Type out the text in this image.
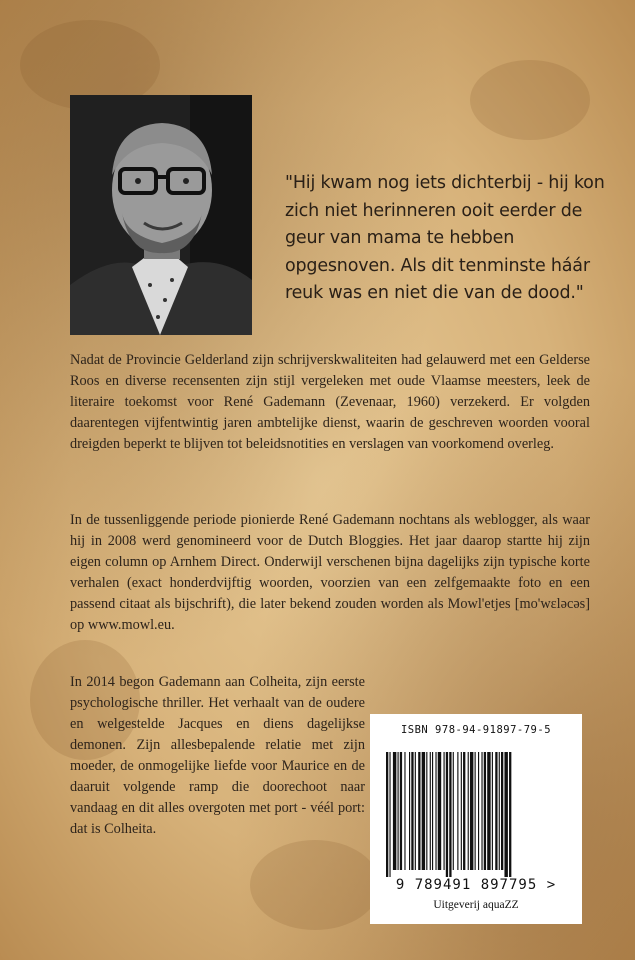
"Hij kwam nog iets dichterbij - hij kon zich niet herinneren ooit eerder de geur van mama te hebben opgesnoven. Als dit tenminste háár reuk was en niet die van de dood."

Nadat de Provincie Gelderland zijn schrijverskwaliteiten had gelauwerd met een Gelderse Roos en diverse recensenten zijn stijl vergeleken met oude Vlaamse meesters, leek de literaire toekomst voor René Gademann (Zevenaar, 1960) verzekerd. Er volgden daarentegen vijfentwintig jaren ambtelijke dienst, waarin de geschreven woorden vooral dreigden beperkt te blijven tot beleidsnotities en verslagen van voorkomend overleg.

In de tussenliggende periode pionierde René Gademann nochtans als weblogger, als waar hij in 2008 werd genomineerd voor de Dutch Bloggies. Het jaar daarop startte hij zijn eigen column op Arnhem Direct. Onderwijl verschenen bijna dagelijks zijn typische korte verhalen (exact honderdvijftig woorden, voorzien van een zelfgemaakte foto en een passend citaat als bijschrift), die later bekend zouden worden als Mowl'etjes [mo'wɛləcəs] op www.mowl.eu.

In 2014 begon Gademann aan Colheita, zijn eerste psychologische thriller. Het verhaalt van de oudere en welgestelde Jacques en diens dagelijkse demonen. Zijn allesbepalende relatie met zijn moeder, de onmogelijke liefde voor Maurice en de daaruit volgende ramp die doorechoot naar vandaag en dit alles overgoten met port - véél port: dat is Colheita.

ISBN 978-94-91897-79-5
9 789491 897795 >
Uitgeverij aquaZZ
